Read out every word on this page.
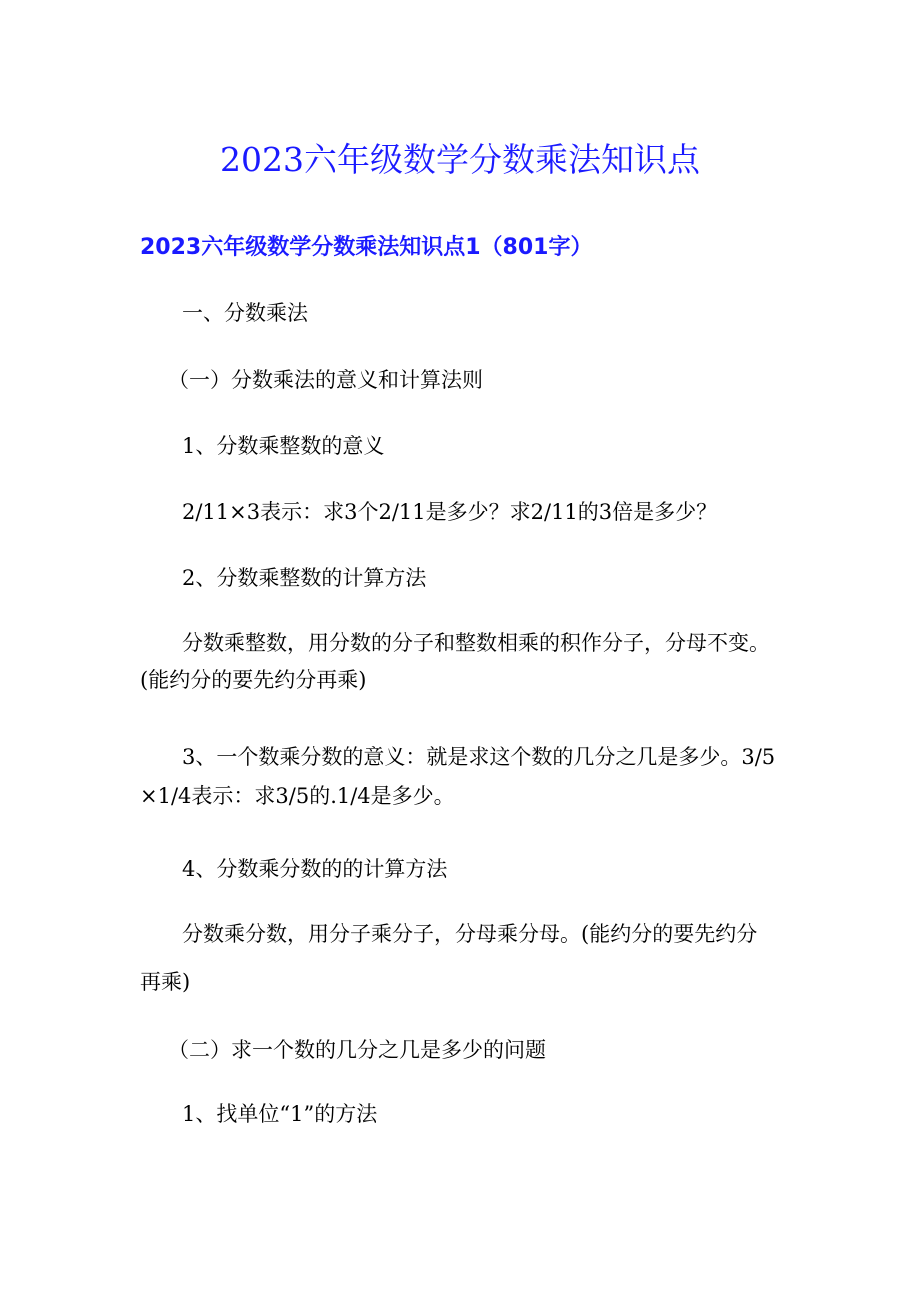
2023六年级数学分数乘法知识点
2023六年级数学分数乘法知识点1（801字）
一、分数乘法
（一）分数乘法的意义和计算法则
1、分数乘整数的意义
2/11×3表示：求3个2/11是多少？求2/11的3倍是多少？
2、分数乘整数的计算方法
分数乘整数，用分数的分子和整数相乘的积作分子，分母不变。
(能约分的要先约分再乘)
3、一个数乘分数的意义：就是求这个数的几分之几是多少。3/5
×1/4表示：求3/5的.1/4是多少。
4、分数乘分数的的计算方法
分数乘分数，用分子乘分子，分母乘分母。(能约分的要先约分
再乘)
（二）求一个数的几分之几是多少的问题
1、找单位“1”的方法
